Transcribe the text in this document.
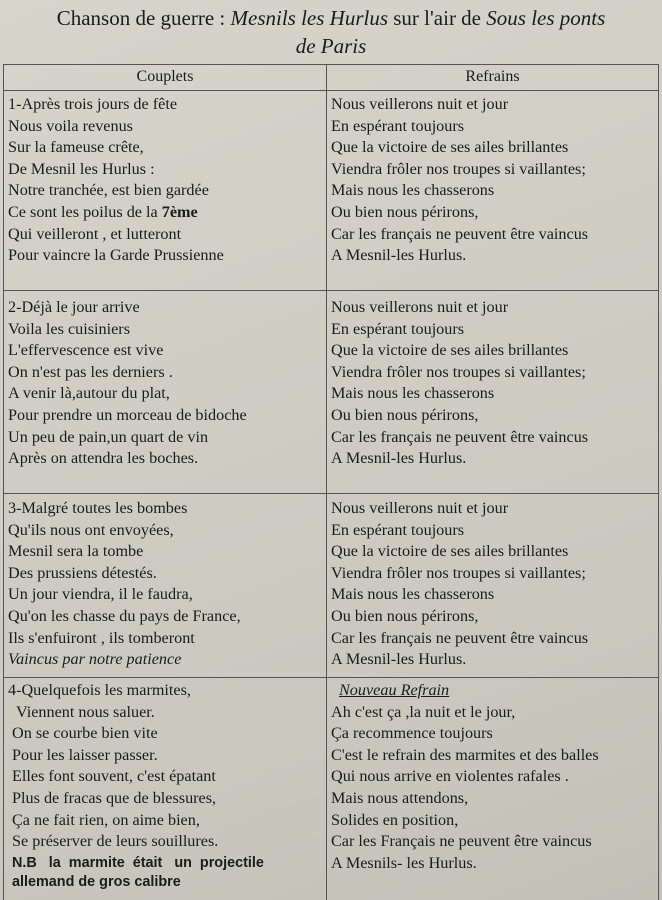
Chanson de guerre : Mesnils les Hurlus sur l'air de Sous les ponts
de Paris
Couplets	Refrains
1-Après trois jours de fête
Nous voila revenus
Sur la fameuse crête,
De Mesnil les Hurlus :
Notre tranchée, est bien gardée
Ce sont les poilus de la 7ème
Qui veilleront , et lutteront
Pour vaincre la Garde Prussienne
Nous veillerons nuit et jour
En espérant toujours
Que la victoire de ses ailes brillantes
Viendra frôler nos troupes si vaillantes;
Mais nous les chasserons
Ou bien nous périrons,
Car les français ne peuvent être vaincus
A Mesnil-les Hurlus.
2-Déjà le jour arrive
Voila les cuisiniers
L'effervescence est vive
On n'est pas les derniers .
A venir là,autour du plat,
Pour prendre un morceau de bidoche
Un peu de pain,un quart de vin
Après on attendra les boches.
Nous veillerons nuit et jour
En espérant toujours
Que la victoire de ses ailes brillantes
Viendra frôler nos troupes si vaillantes;
Mais nous les chasserons
Ou bien nous périrons,
Car les français ne peuvent être vaincus
A Mesnil-les Hurlus.
3-Malgré toutes les bombes
Qu'ils nous ont envoyées,
Mesnil sera la tombe
Des prussiens détestés.
Un jour viendra, il le faudra,
Qu'on les chasse du pays de France,
Ils s'enfuiront , ils tomberont
Vaincus par notre patience
Nous veillerons nuit et jour
En espérant toujours
Que la victoire de ses ailes brillantes
Viendra frôler nos troupes si vaillantes;
Mais nous les chasserons
Ou bien nous périrons,
Car les français ne peuvent être vaincus
A Mesnil-les Hurlus.
4-Quelquefois les marmites,
Viennent nous saluer.
On se courbe bien vite
Pour les laisser passer.
Elles font souvent, c'est épatant
Plus de fracas que de blessures,
Ça ne fait rien, on aime bien,
Se préserver de leurs souillures.
N.B   la  marmite  était   un  projectile
allemand de gros calibre
Nouveau Refrain
Ah c'est ça ,la nuit et le jour,
Ça recommence toujours
C'est le refrain des marmites et des balles
Qui nous arrive en violentes rafales .
Mais nous attendons,
Solides en position,
Car les Français ne peuvent être vaincus
A Mesnils- les Hurlus.
